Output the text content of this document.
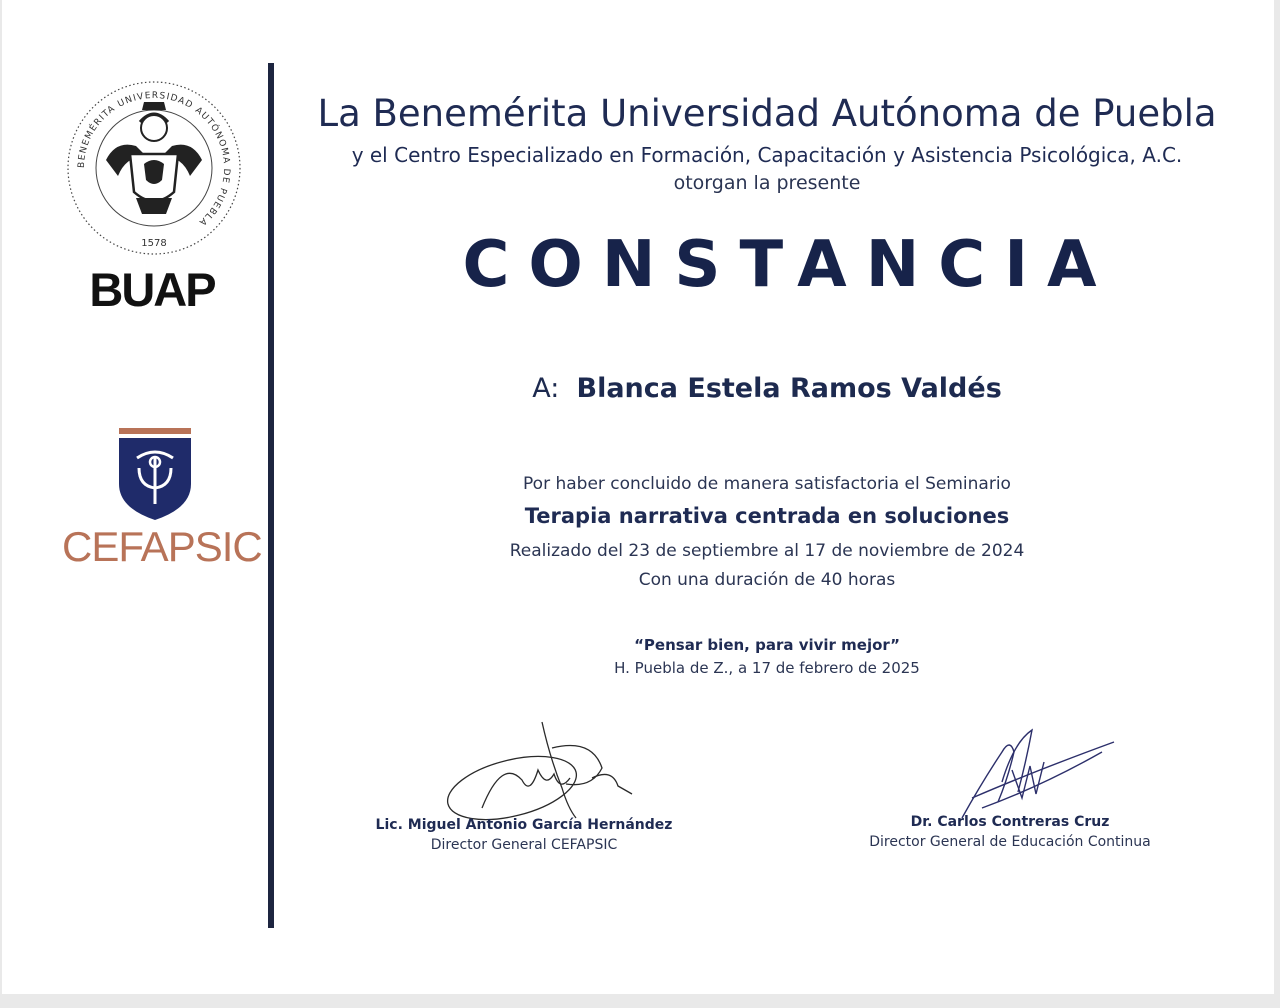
BENEMÉRITA UNIVERSIDAD AUTÓNOMA DE PUEBLA
1578
BUAP
CEFAPSIC
La Benemérita Universidad Autónoma de Puebla
y el Centro Especializado en Formación, Capacitación y Asistencia Psicológica, A.C.
otorgan la presente
CONSTANCIA
A: Blanca Estela Ramos Valdés
Por haber concluido de manera satisfactoria el Seminario
Terapia narrativa centrada en soluciones
Realizado del 23 de septiembre al 17 de noviembre de 2024
Con una duración de 40 horas
“Pensar bien, para vivir mejor”
H. Puebla de Z., a 17 de febrero de 2025
Lic. Miguel Antonio García Hernández
Director General CEFAPSIC
Dr. Carlos Contreras Cruz
Director General de Educación Continua
